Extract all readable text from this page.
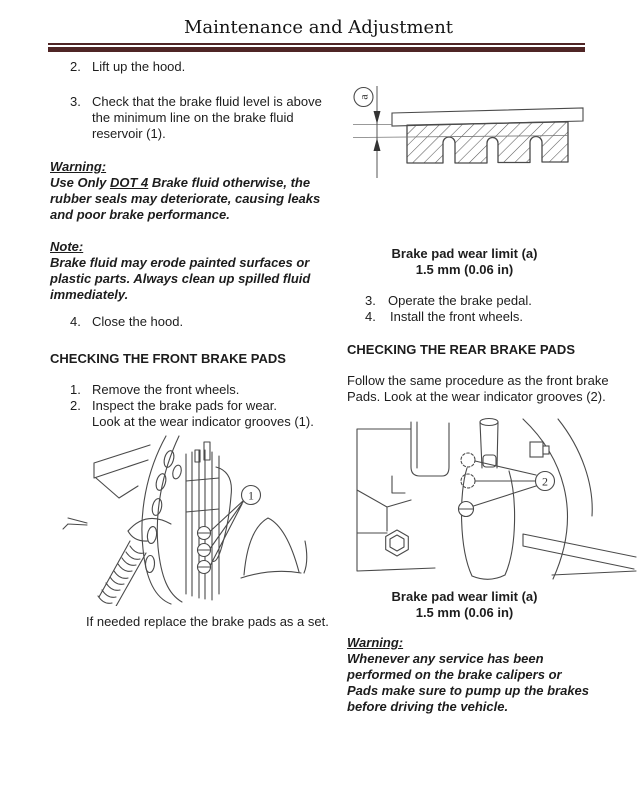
Maintenance and Adjustment
2. Lift up the hood.
3. Check that the brake fluid level is above the minimum line on the brake fluid reservoir (1).
Warning:
Use Only DOT 4 Brake fluid otherwise, the rubber seals may deteriorate, causing leaks and poor brake performance.
Note:
Brake fluid may erode painted surfaces or plastic parts. Always clean up spilled fluid immediately.
4. Close the hood.
CHECKING THE FRONT BRAKE PADS
1. Remove the front wheels.
2. Inspect the brake pads for wear.
Look at the wear indicator grooves (1).
1

If needed replace the brake pads as a set.

a
Brake pad wear limit (a)
1.5 mm (0.06 in)
3. Operate the brake pedal.
4.	Install the front wheels.
CHECKING THE REAR BRAKE PADS

Follow the same procedure as the front brake Pads. Look at the wear indicator grooves (2).

2
Brake pad wear limit (a)
1.5 mm (0.06 in)
Warning:
Whenever any service has been performed on the brake calipers or Pads make sure to pump up the brakes before driving the vehicle.
